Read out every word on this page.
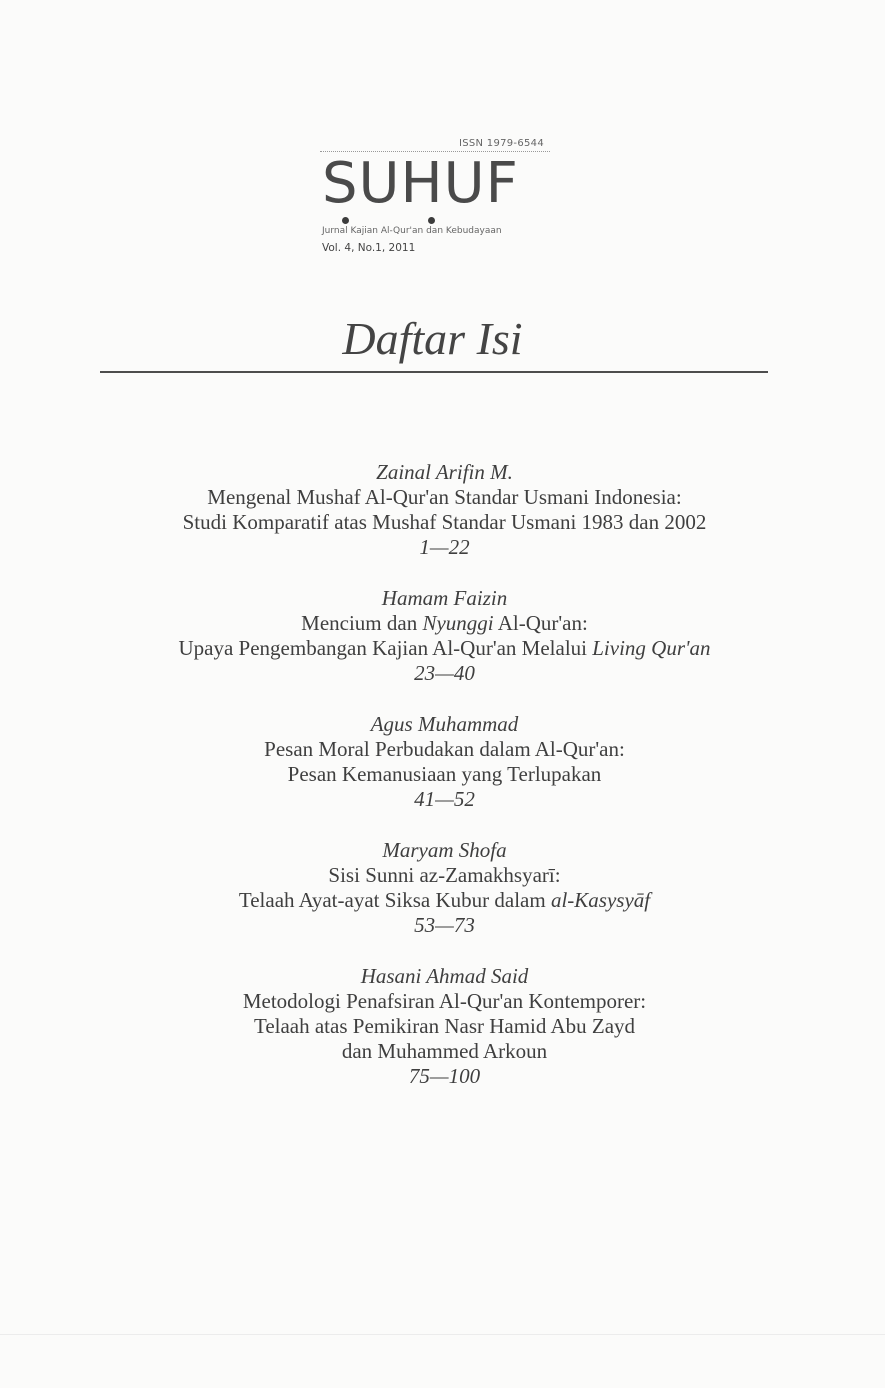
ISSN 1979-6544
SUHUF
Jurnal Kajian Al-Qur'an dan Kebudayaan
Vol. 4, No.1, 2011
Daftar Isi
Zainal Arifin M.
Mengenal Mushaf Al-Qur'an Standar Usmani Indonesia:
Studi Komparatif atas Mushaf Standar Usmani 1983 dan 2002
1—22
Hamam Faizin
Mencium dan Nyunggi Al-Qur'an:
Upaya Pengembangan Kajian Al-Qur'an Melalui Living Qur'an
23—40
Agus Muhammad
Pesan Moral Perbudakan dalam Al-Qur'an:
Pesan Kemanusiaan yang Terlupakan
41—52
Maryam Shofa
Sisi Sunni az-Zamakhsyarī:
Telaah Ayat-ayat Siksa Kubur dalam al-Kasysyāf
53—73
Hasani Ahmad Said
Metodologi Penafsiran Al-Qur'an Kontemporer:
Telaah atas Pemikiran Nasr Hamid Abu Zayd
dan Muhammed Arkoun
75—100
